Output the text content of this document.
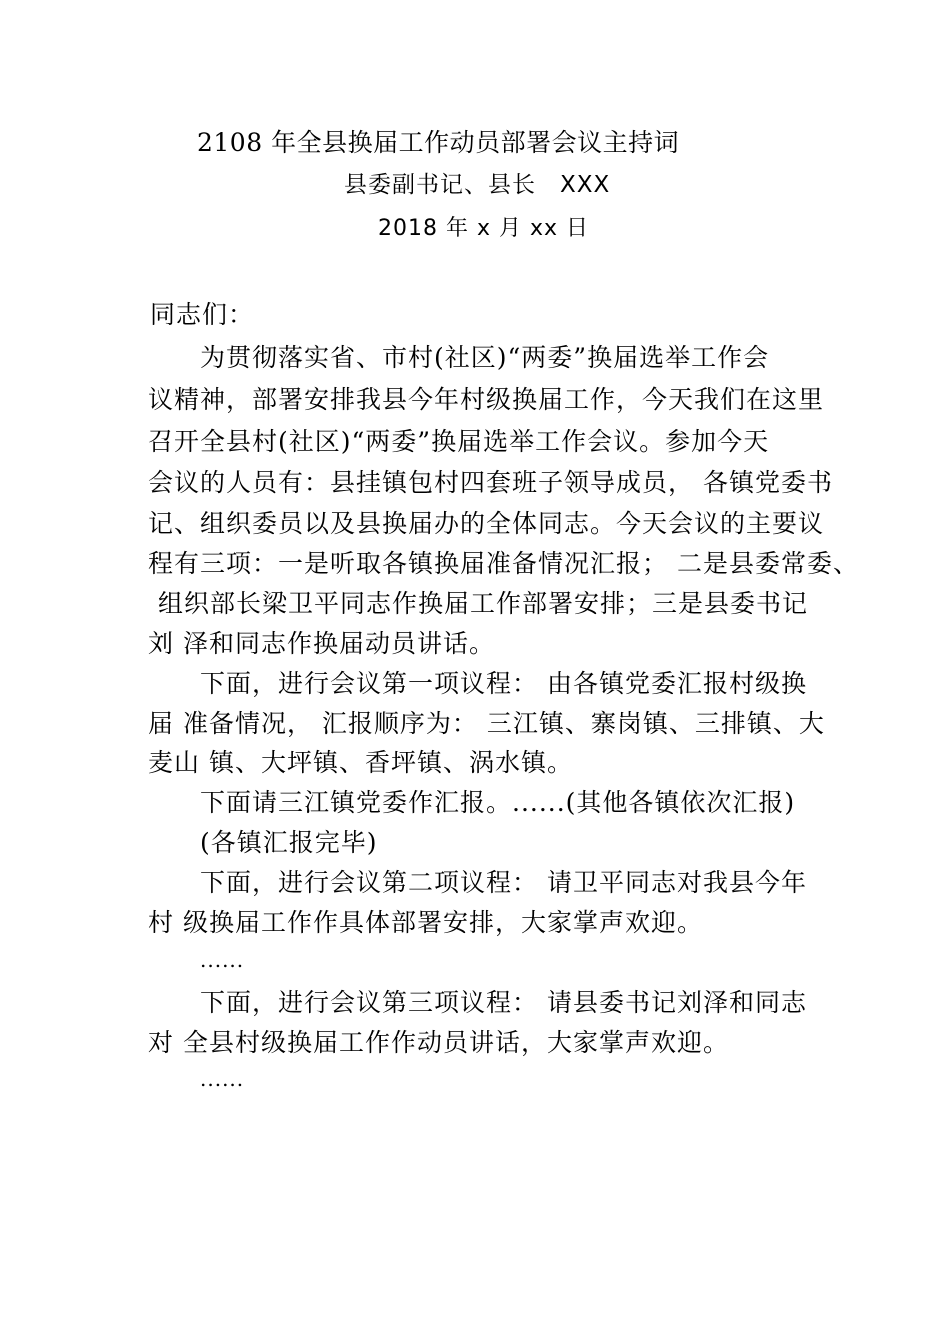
2108 年全县换届工作动员部署会议主持词

县委副书记、县长　XXX

2018 年 x 月 xx 日

同志们：

为贯彻落实省、市村(社区)“两委”换届选举工作会

议精神，部署安排我县今年村级换届工作，今天我们在这里

召开全县村(社区)“两委”换届选举工作会议。参加今天

会议的人员有：县挂镇包村四套班子领导成员， 各镇党委书

记、组织委员以及县换届办的全体同志。今天会议的主要议

程有三项：一是听取各镇换届准备情况汇报； 二是县委常委、

组织部长梁卫平同志作换届工作部署安排；三是县委书记

刘 泽和同志作换届动员讲话。

下面，进行会议第一项议程： 由各镇党委汇报村级换

届 准备情况， 汇报顺序为： 三江镇、寨岗镇、三排镇、大

麦山 镇、大坪镇、香坪镇、涡水镇。

下面请三江镇党委作汇报。......(其他各镇依次汇报)

(各镇汇报完毕)

下面，进行会议第二项议程： 请卫平同志对我县今年

村 级换届工作作具体部署安排，大家掌声欢迎。

......

下面，进行会议第三项议程： 请县委书记刘泽和同志

对 全县村级换届工作作动员讲话，大家掌声欢迎。

......
